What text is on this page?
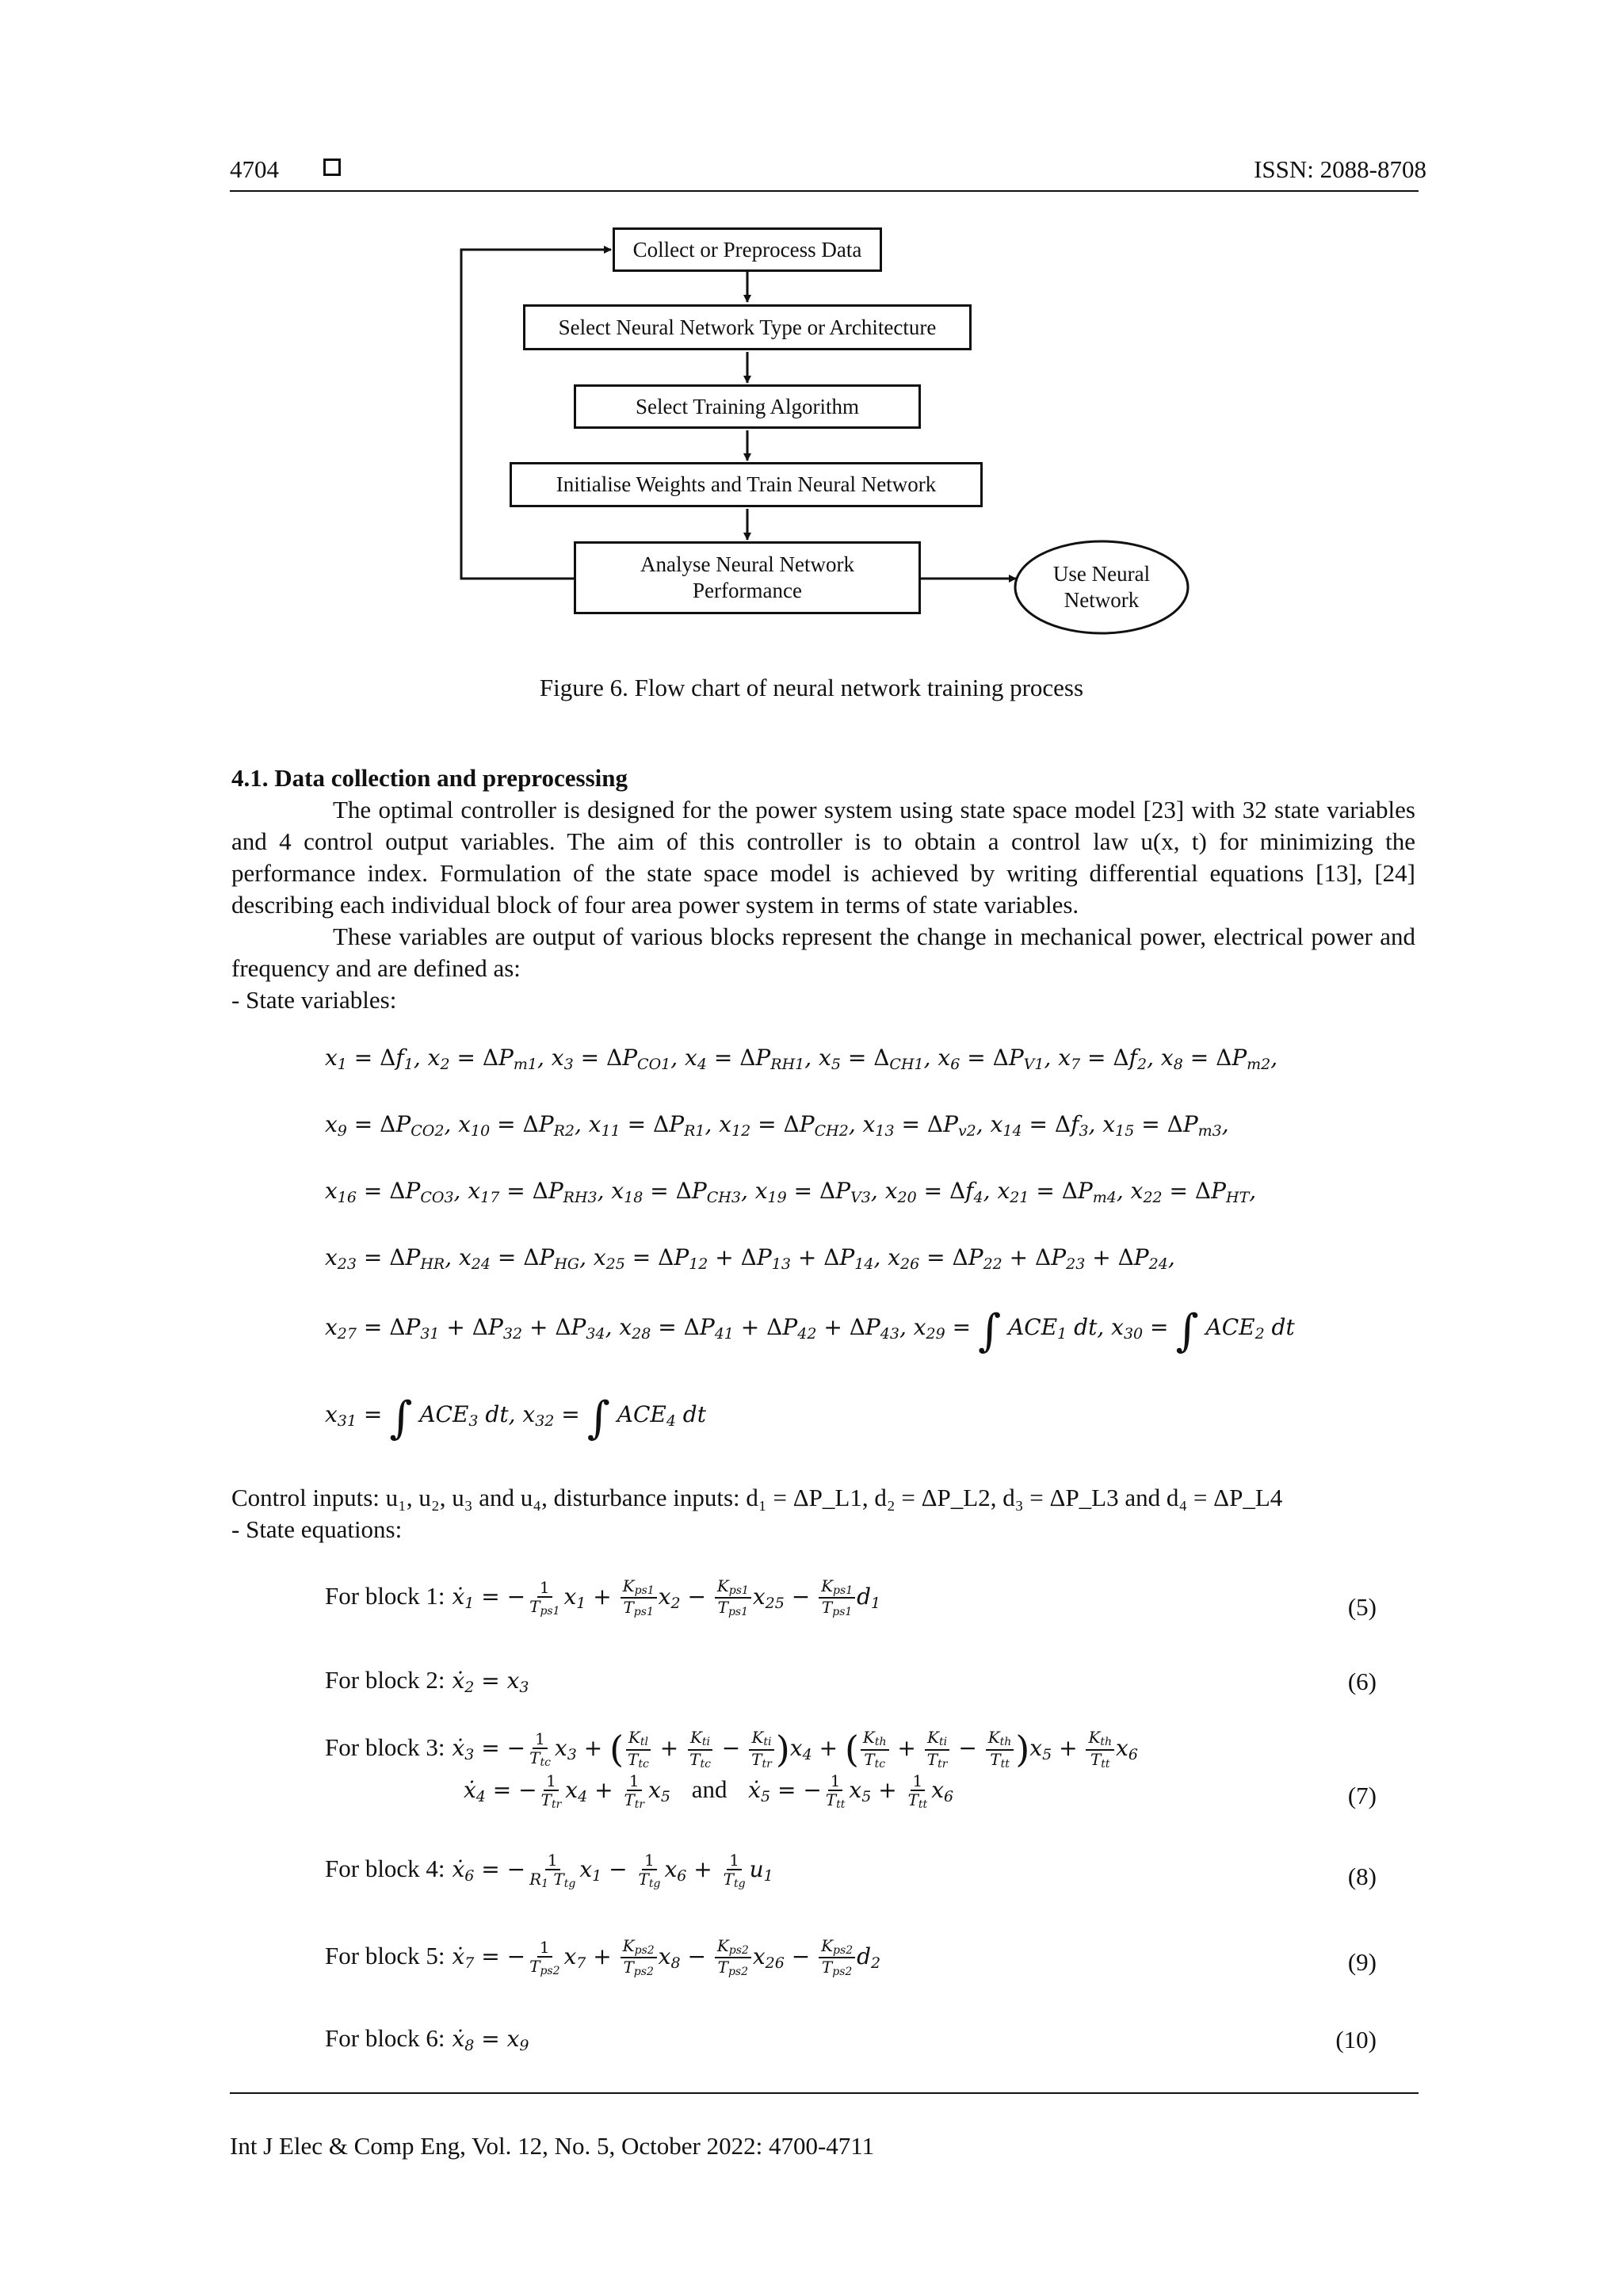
4704	ISSN: 2088-8708
Collect or Preprocess Data
Select Neural Network Type or Architecture
Select Training Algorithm
Initialise Weights and Train Neural Network
Analyse Neural Network Performance
Use Neural Network
Figure 6. Flow chart of neural network training process
4.1. Data collection and preprocessing
The optimal controller is designed for the power system using state space model [23] with 32 state variables and 4 control output variables. The aim of this controller is to obtain a control law u(x, t) for minimizing the performance index. Formulation of the state space model is achieved by writing differential equations [13], [24] describing each individual block of four area power system in terms of state variables.
These variables are output of various blocks represent the change in mechanical power, electrical power and frequency and are defined as:
- State variables:
$x_1 = \Delta f_1$, $x_2 = \Delta P_{m1}$, $x_3 = \Delta P_{CO1}$, $x_4 = \Delta P_{RH1}$, $x_5 = \Delta_{CH1}$, $x_6 = \Delta P_{V1}$, $x_7 = \Delta f_2$, $x_8 = \Delta P_{m2}$,
$x_9 = \Delta P_{CO2}$, $x_{10} = \Delta P_{R2}$, $x_{11} = \Delta P_{R1}$, $x_{12} = \Delta P_{CH2}$, $x_{13} = \Delta P_{v2}$, $x_{14} = \Delta f_3$, $x_{15} = \Delta P_{m3}$,
$x_{16} = \Delta P_{CO3}$, $x_{17} = \Delta P_{RH3}$, $x_{18} = \Delta P_{CH3}$, $x_{19} = \Delta P_{V3}$, $x_{20} = \Delta f_4$, $x_{21} = \Delta P_{m4}$, $x_{22} = \Delta P_{HT}$,
$x_{23} = \Delta P_{HR}$, $x_{24} = \Delta P_{HG}$, $x_{25} = \Delta P_{12} + \Delta P_{13} + \Delta P_{14}$, $x_{26} = \Delta P_{22} + \Delta P_{23} + \Delta P_{24}$,
$x_{27} = \Delta P_{31} + \Delta P_{32} + \Delta P_{34}$, $x_{28} = \Delta P_{41} + \Delta P_{42} + \Delta P_{43}$, $x_{29}$ = ∫ $ACE_1$ dt, $x_{30}$ = ∫ $ACE_2$ dt
$x_{31}$ = ∫ $ACE_3$ dt, $x_{32}$ = ∫ $ACE_4$ dt
Control inputs: u₁, u₂, u₃ and u₄, disturbance inputs: d₁ = ΔP_L1, d₂ = ΔP_L2, d₃ = ΔP_L3 and d₄ = ΔP_L4
- State equations:
For block 1: ẋ$_1$ = − 1
$T_{ps1}$
$x_1 + K_{ps1}$
$T_{ps1}$
$x_2 - K_{ps1}$
$T_{ps1}$
$x_{25} - K_{ps1}$
$T_{ps1}$
$d_1$	(5)
For block 2: ẋ$_2$ = $x_3$	(6)
For block 3: ẋ$_3$ = − 1
$T_{tc}$
$x_3$ + ( $K_{tl}$
$T_{tc}$
+ $K_{ti}$
$T_{tc}$
− $K_{ti}$
$T_{tr}$ )$x_4$ + ( $K_{th}$
$T_{tc}$
+ $K_{ti}$
$T_{tr}$
− $K_{th}$
$T_{tt}$ )$x_5 + K_{th}$
$T_{tt}$
$x_6$
ẋ$_4$ = − 1
$T_{tr}$
$x_4 + 1$
$T_{tr}$
$x_5$ and   ẋ$_5$ = − 1
$T_{tt}$
$x_5 + 1$
$T_{tt}$
$x_6$	(7)
For block 4: ẋ$_6$ = − 1
$R_1$ $T_{tg}$
$x_1 - 1$
$T_{tg}$
$x_6 + 1$
$T_{tg}$
$u_1$	(8)
For block 5: ẋ$_7$ = − 1
$T_{ps2}$
$x_7 + K_{ps2}$
$T_{ps2}$
$x_8 - K_{ps2}$
$T_{ps2}$
$x_{26} - K_{ps2}$
$T_{ps2}$
$d_2$	(9)
For block 6: ẋ$_8$ = $x_9$	(10)
Int J Elec & Comp Eng, Vol. 12, No. 5, October 2022: 4700-4711
